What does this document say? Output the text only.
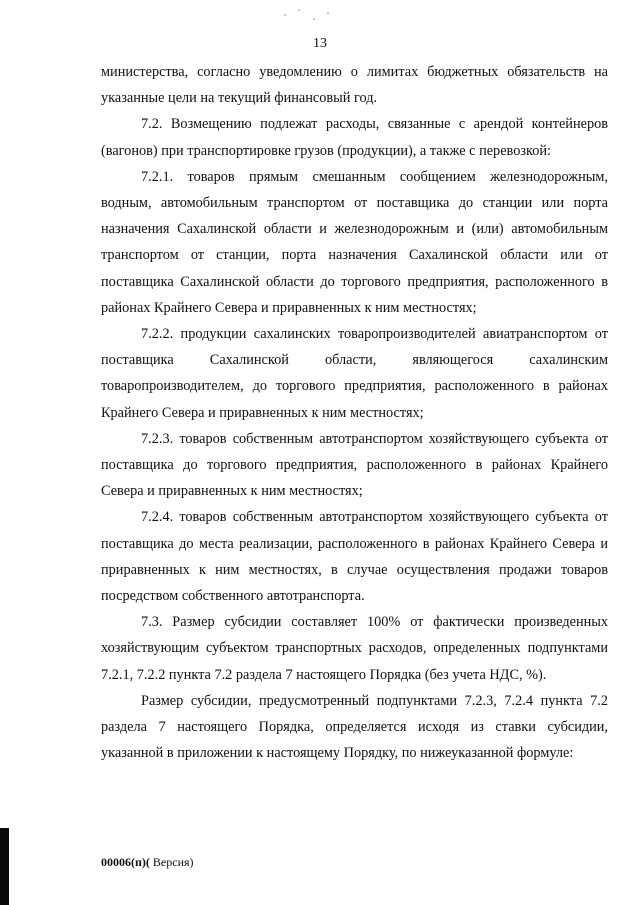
13

министерства, согласно уведомлению о лимитах бюджетных обязательств на указанные цели на текущий финансовый год.

7.2. Возмещению подлежат расходы, связанные с арендой контейнеров (вагонов) при транспортировке грузов (продукции), а также с перевозкой:

7.2.1. товаров прямым смешанным сообщением железнодорожным, водным, автомобильным транспортом от поставщика до станции или порта назначения Сахалинской области и железнодорожным и (или) автомобильным транспортом от станции, порта назначения Сахалинской области или от поставщика Сахалинской области до торгового предприятия, расположенного в районах Крайнего Севера и приравненных к ним местностях;

7.2.2. продукции сахалинских товаропроизводителей авиатранспортом от поставщика Сахалинской области, являющегося сахалинским товаропроизводителем, до торгового предприятия, расположенного в районах Крайнего Севера и приравненных к ним местностях;

7.2.3. товаров собственным автотранспортом хозяйствующего субъекта от поставщика до торгового предприятия, расположенного в районах Крайнего Севера и приравненных к ним местностях;

7.2.4. товаров собственным автотранспортом хозяйствующего субъекта от поставщика до места реализации, расположенного в районах Крайнего Севера и приравненных к ним местностях, в случае осуществления продажи товаров посредством собственного автотранспорта.

7.3. Размер субсидии составляет 100% от фактически произведенных хозяйствующим субъектом транспортных расходов, определенных подпунктами 7.2.1, 7.2.2 пункта 7.2 раздела 7 настоящего Порядка (без учета НДС, %).

Размер субсидии, предусмотренный подпунктами 7.2.3, 7.2.4 пункта 7.2 раздела 7 настоящего Порядка, определяется исходя из ставки субсидии, указанной в приложении к настоящему Порядку, по нижеуказанной формуле:

00006(п)( Версия)
